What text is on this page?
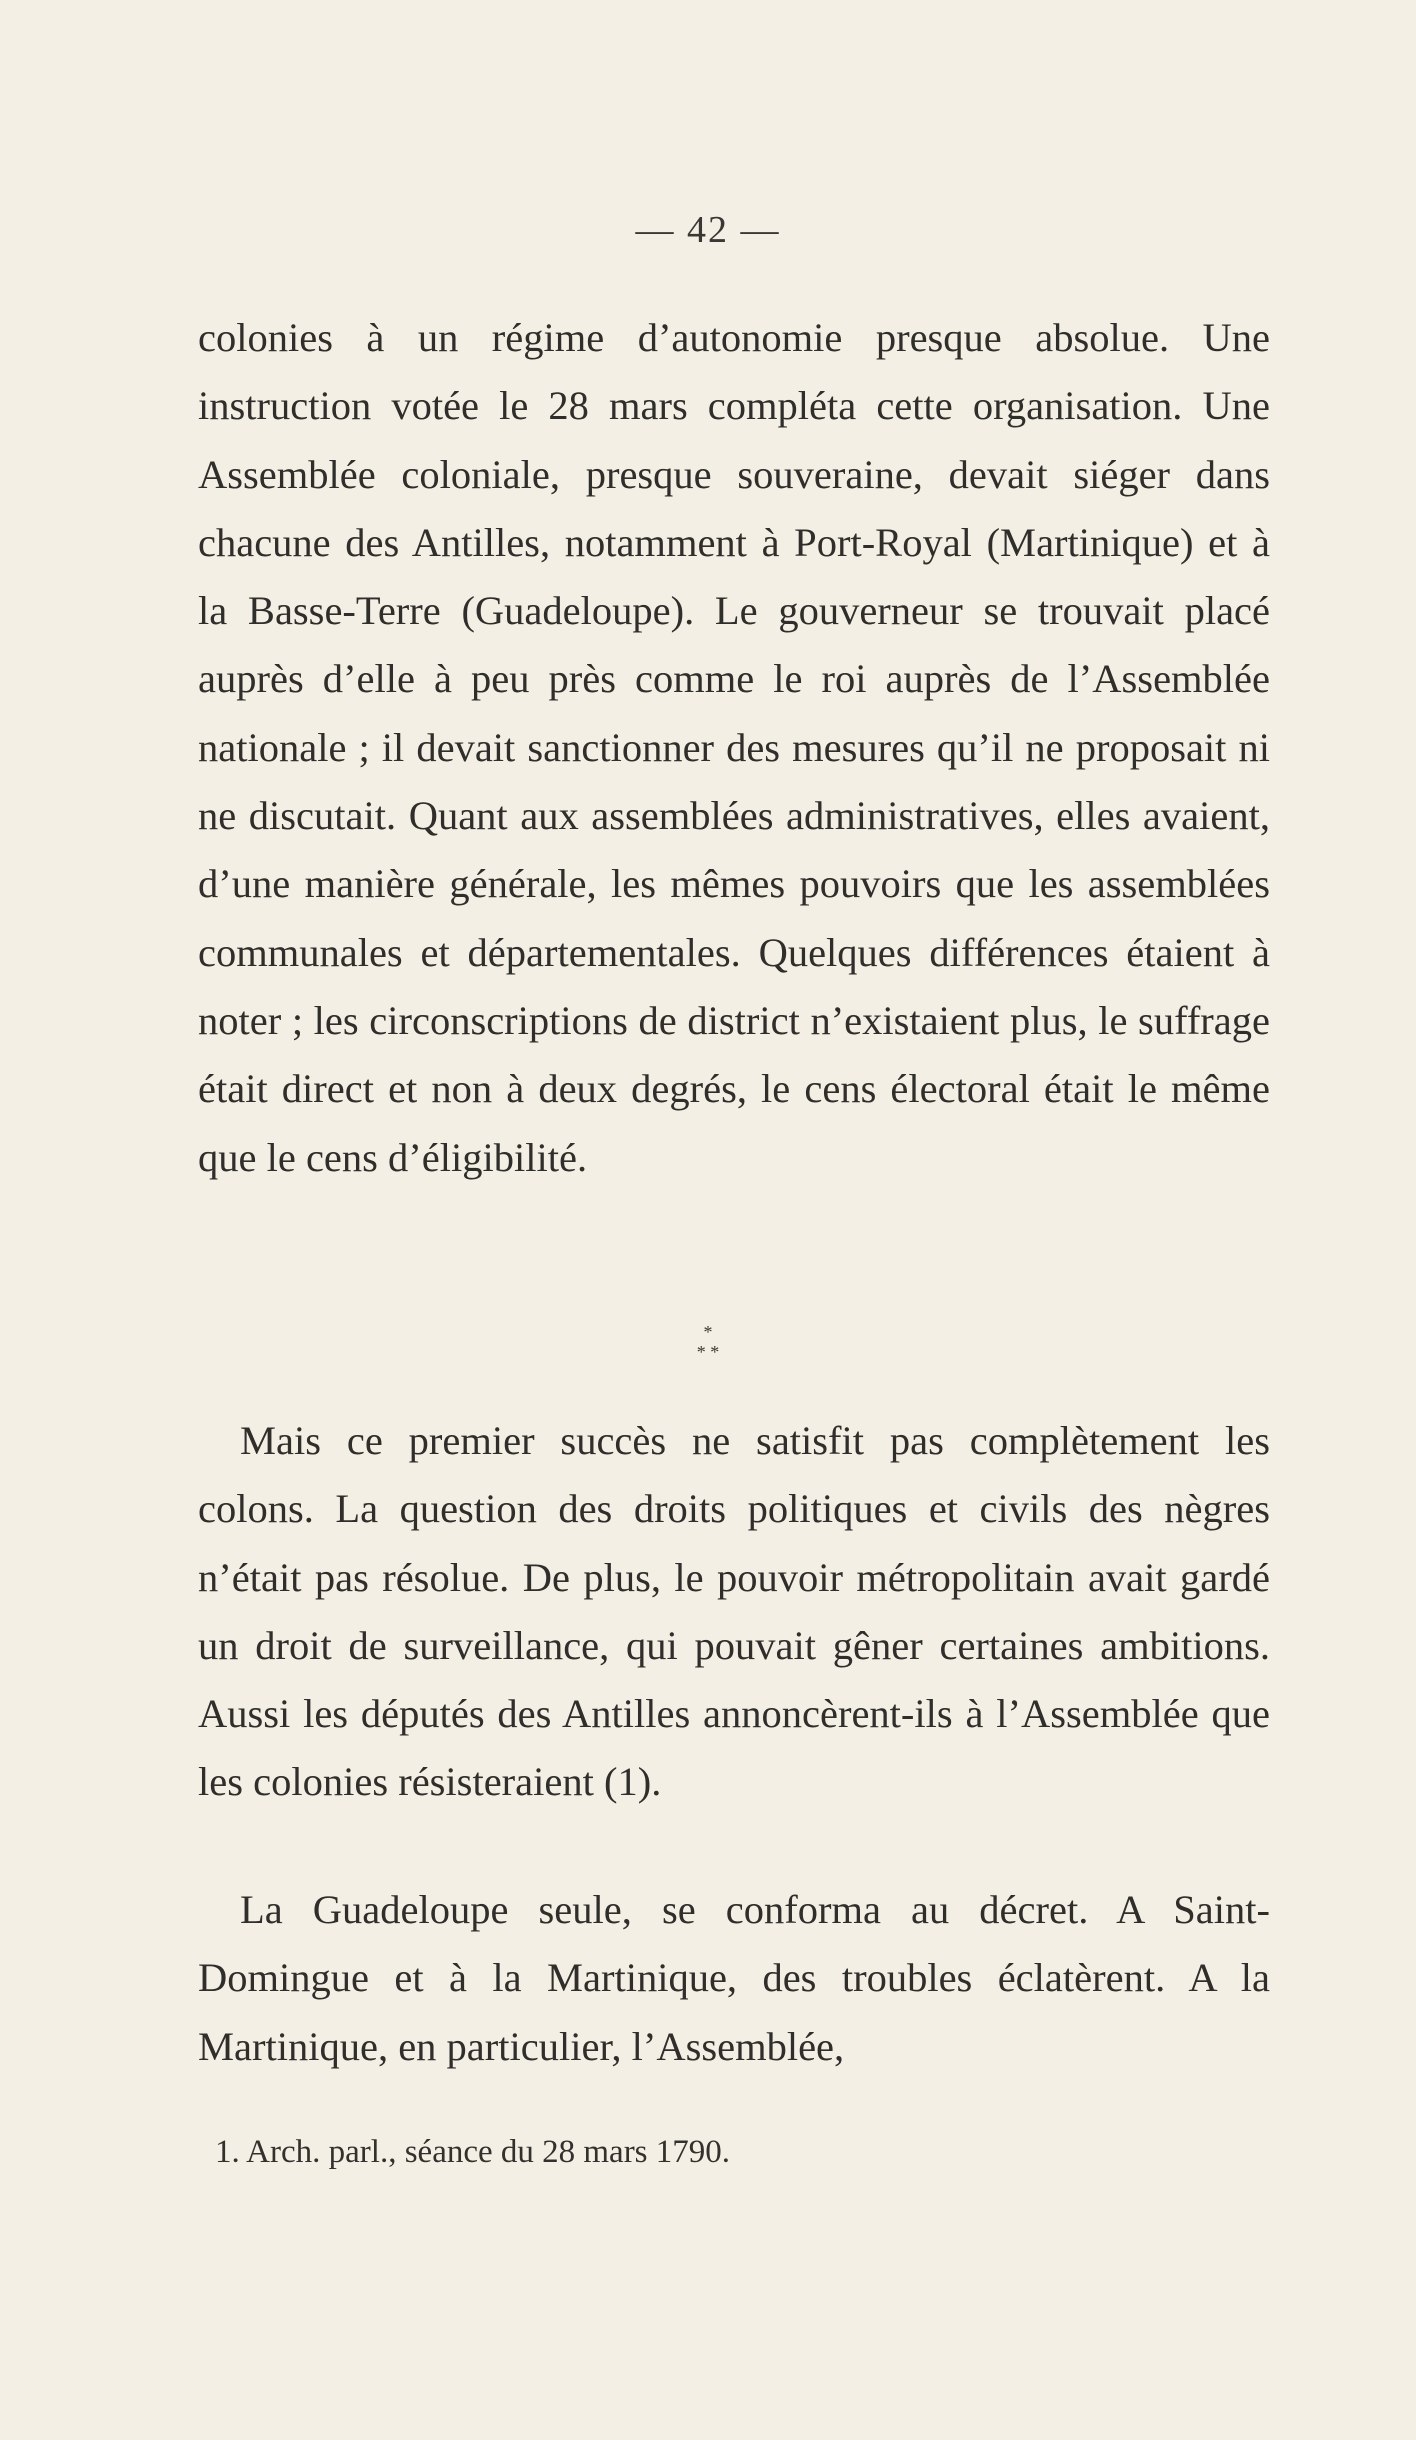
— 42 —

colonies à un régime d’autonomie presque absolue. Une instruction votée le 28 mars compléta cette organisation. Une Assemblée coloniale, presque souveraine, devait siéger dans chacune des Antilles, notamment à Port-Royal (Martinique) et à la Basse-Terre (Guadeloupe). Le gouverneur se trouvait placé auprès d’elle à peu près comme le roi auprès de l’Assemblée nationale ; il devait sanctionner des mesures qu’il ne proposait ni ne discutait. Quant aux assemblées administratives, elles avaient, d’une manière générale, les mêmes pouvoirs que les assemblées communales et départementales. Quelques différences étaient à noter ; les circonscriptions de district n’existaient plus, le suffrage était direct et non à deux degrés, le cens électoral était le même que le cens d’éligibilité.

*
* *

Mais ce premier succès ne satisfit pas complètement les colons. La question des droits politiques et civils des nègres n’était pas résolue. De plus, le pouvoir métropolitain avait gardé un droit de surveillance, qui pouvait gêner certaines ambitions. Aussi les députés des Antilles annoncèrent-ils à l’Assemblée que les colonies résisteraient (1).

La Guadeloupe seule, se conforma au décret. A Saint-Domingue et à la Martinique, des troubles éclatèrent. A la Martinique, en particulier, l’Assemblée,

1. Arch. parl., séance du 28 mars 1790.
